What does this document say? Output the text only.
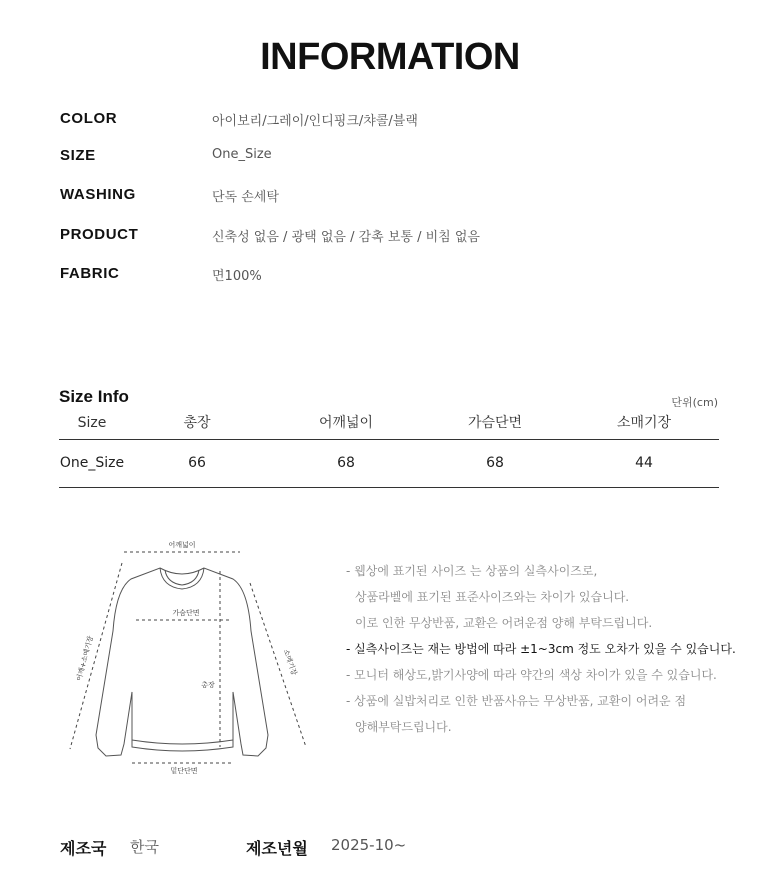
INFORMATION
COLOR	아이보리/그레이/인디핑크/챠콜/블랙
SIZE	One_Size
WASHING	단독 손세탁
PRODUCT	신축성 없음 / 광택 없음 / 감촉 보통 / 비침 없음
FABRIC	면100%
Size Info	단위(cm)
Size	총장	어깨넓이	가슴단면	소매기장
One_Size	66	68	68	44
어깨넓이
가슴단면
총장
밑단단면
소매기장
어깨+소매기장
- 웹상에 표기된 사이즈 는 상품의 실측사이즈로,
상품라벨에 표기된 표준사이즈와는 차이가 있습니다.
이로 인한 무상반품, 교환은 어려운점 양해 부탁드립니다.
- 실측사이즈는 재는 방법에 따라 ±1~3cm 정도 오차가 있을 수 있습니다.
- 모니터 해상도,밝기사양에 따라 약간의 색상 차이가 있을 수 있습니다.
- 상품에 실밥처리로 인한 반품사유는 무상반품, 교환이 어려운 점
양해부탁드립니다.
제조국 한국	제조년월 2025-10~
